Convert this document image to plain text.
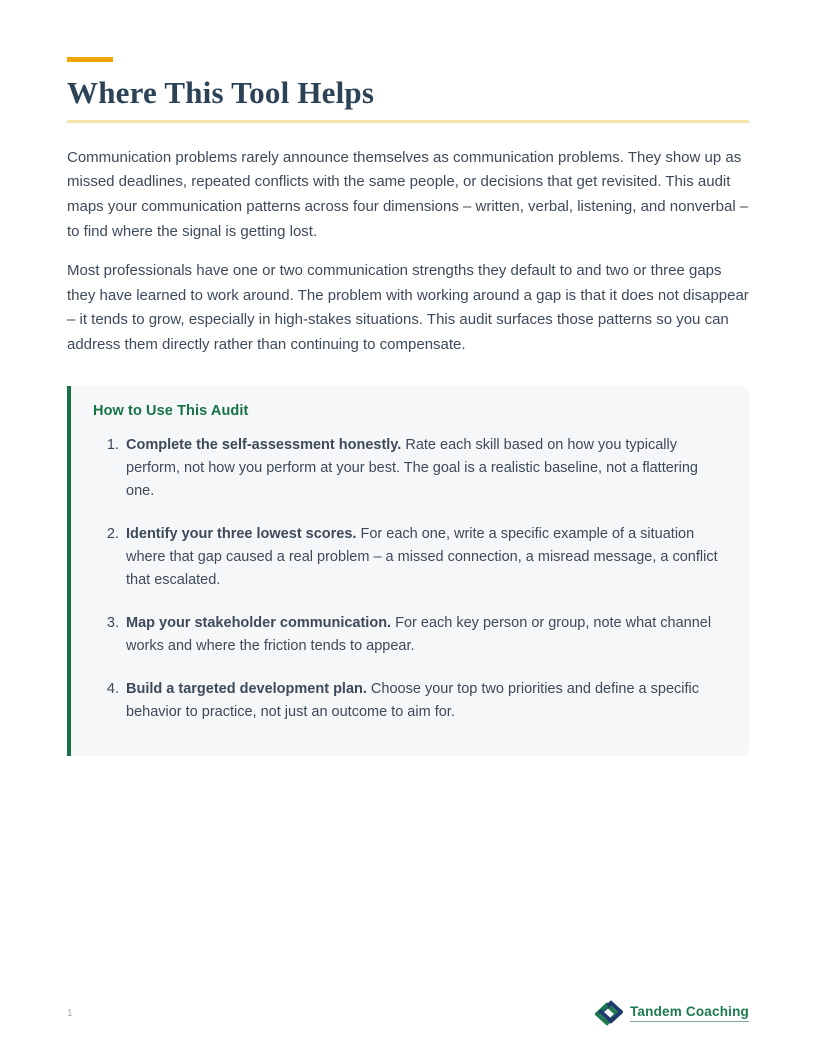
Where This Tool Helps

Communication problems rarely announce themselves as communication problems. They show up as missed deadlines, repeated conflicts with the same people, or decisions that get revisited. This audit maps your communication patterns across four dimensions – written, verbal, listening, and nonverbal – to find where the signal is getting lost.

Most professionals have one or two communication strengths they default to and two or three gaps they have learned to work around. The problem with working around a gap is that it does not disappear – it tends to grow, especially in high-stakes situations. This audit surfaces those patterns so you can address them directly rather than continuing to compensate.

How to Use This Audit
1. Complete the self-assessment honestly. Rate each skill based on how you typically perform, not how you perform at your best. The goal is a realistic baseline, not a flattering one.
2. Identify your three lowest scores. For each one, write a specific example of a situation where that gap caused a real problem – a missed connection, a misread message, a conflict that escalated.
3. Map your stakeholder communication. For each key person or group, note what channel works and where the friction tends to appear.
4. Build a targeted development plan. Choose your top two priorities and define a specific behavior to practice, not just an outcome to aim for.
1	Tandem Coaching
